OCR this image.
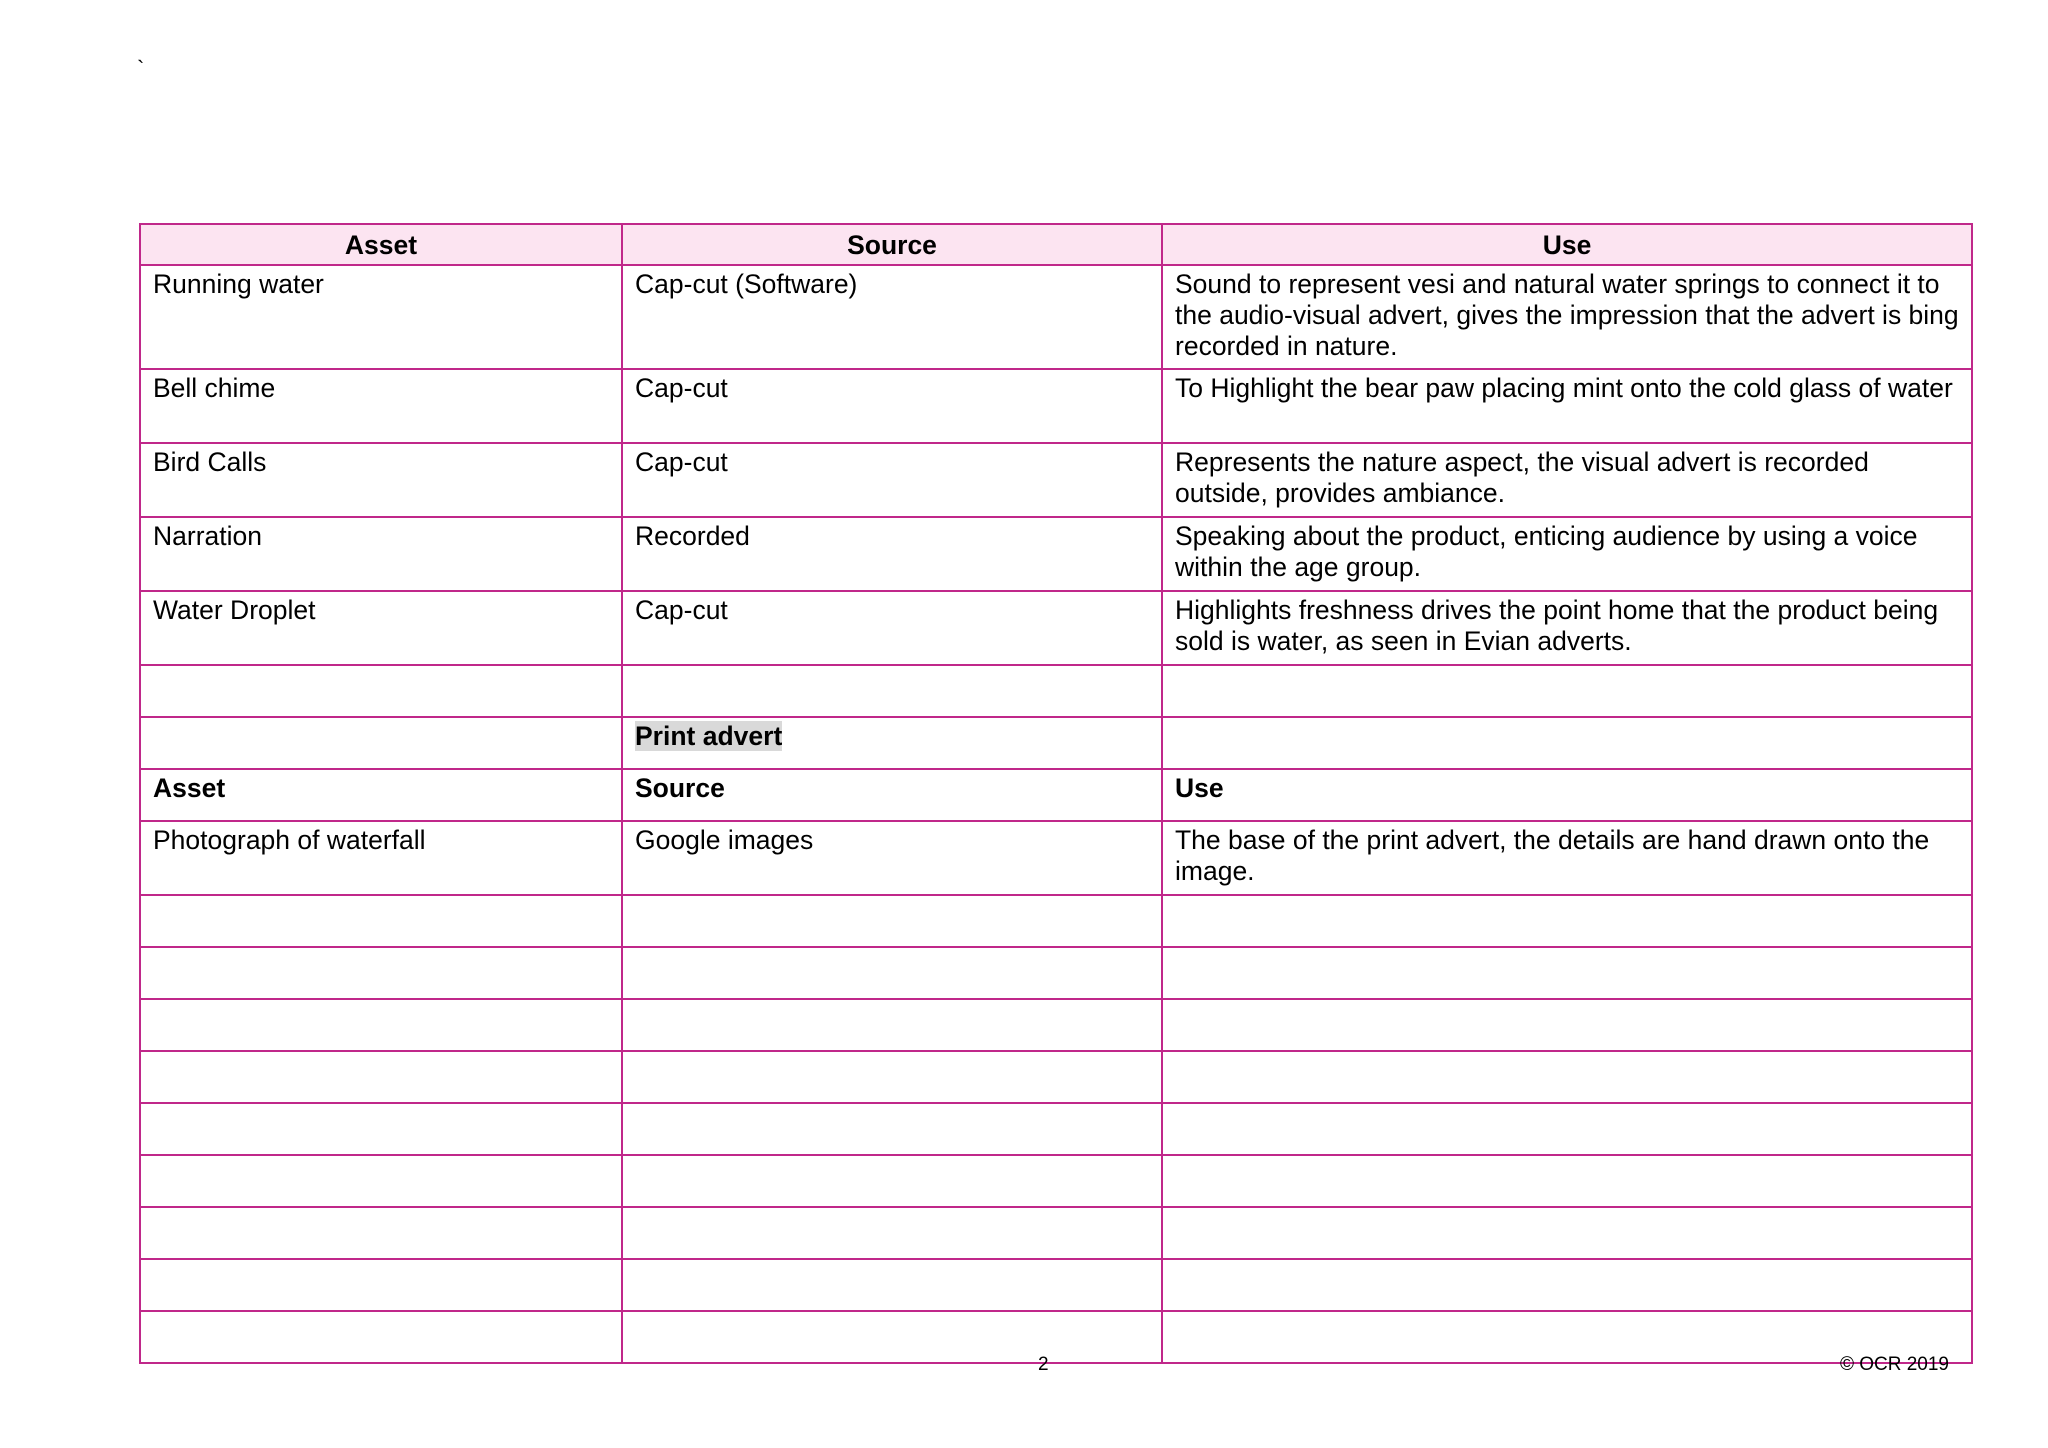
`
Asset	Source	Use
Running water	Cap-cut (Software)	Sound to represent vesi and natural water springs to connect it to the audio-visual advert, gives the impression that the advert is bing recorded in nature.
Bell chime	Cap-cut	To Highlight the bear paw placing mint onto the cold glass of water
Bird Calls	Cap-cut	Represents the nature aspect, the visual advert is recorded outside, provides ambiance.
Narration	Recorded	Speaking about the product, enticing audience by using a voice within the age group.
Water Droplet	Cap-cut	Highlights freshness drives the point home that the product being sold is water, as seen in Evian adverts.

	Print advert	
Asset	Source	Use
Photograph of waterfall	Google images	The base of the print advert, the details are hand drawn onto the image.

2	© OCR 2019
